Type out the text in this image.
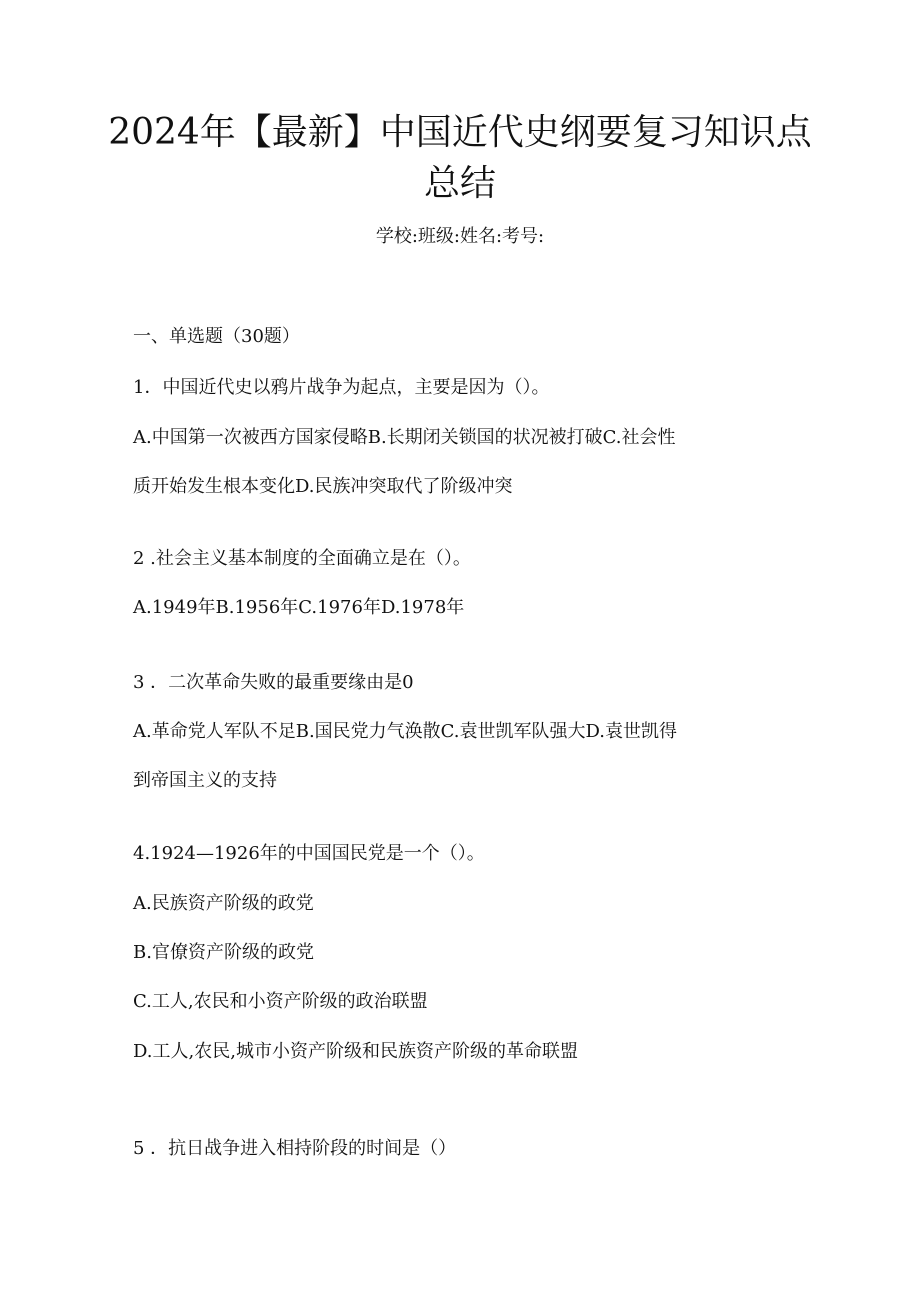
2024年【最新】中国近代史纲要复习知识点
总结
学校:班级:姓名:考号:
一、单选题（30题）
1．中国近代史以鸦片战争为起点，主要是因为（）。
A.中国第一次被西方国家侵略B.长期闭关锁国的状况被打破C.社会性
质开始发生根本变化D.民族冲突取代了阶级冲突
2 .社会主义基本制度的全面确立是在（）。
A.1949年B.1956年C.1976年D.1978年
3 ．二次革命失败的最重要缘由是0
A.革命党人军队不足B.国民党力气涣散C.袁世凯军队强大D.袁世凯得
到帝国主义的支持
4.1924—1926年的中国国民党是一个（）。
A.民族资产阶级的政党
B.官僚资产阶级的政党
C.工人,农民和小资产阶级的政治联盟
D.工人,农民,城市小资产阶级和民族资产阶级的革命联盟
5 ．抗日战争进入相持阶段的时间是（）
